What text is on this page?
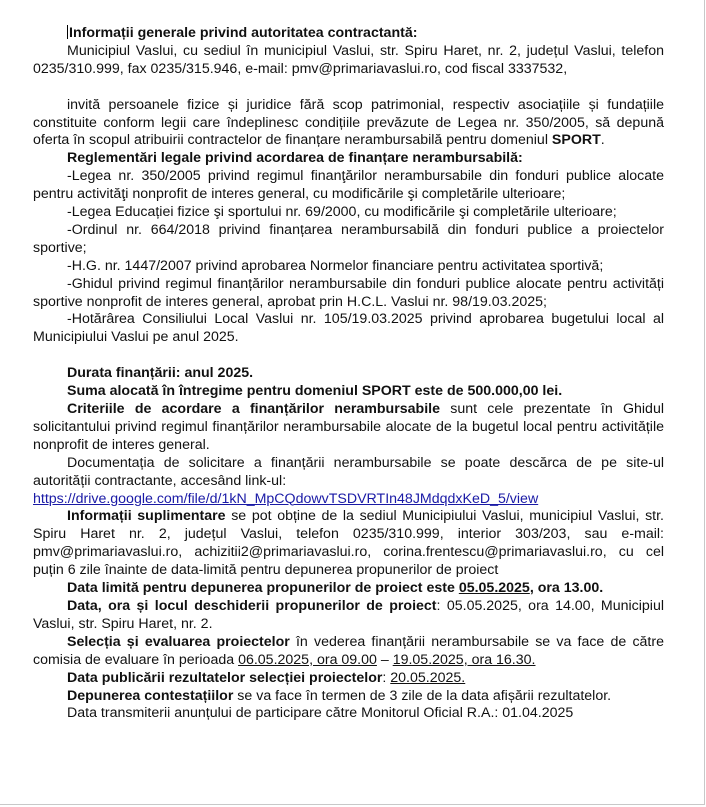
Informații generale privind autoritatea contractantă:

Municipiul Vaslui, cu sediul în municipiul Vaslui, str. Spiru Haret, nr. 2, județul Vaslui, telefon 0235/310.999, fax 0235/315.946, e-mail: pmv@primariavaslui.ro, cod fiscal 3337532,

invită persoanele fizice și juridice fără scop patrimonial, respectiv asociațiile și fundațiile constituite conform legii care îndeplinesc condițiile prevăzute de Legea nr. 350/2005, să depună oferta în scopul atribuirii contractelor de finanțare nerambursabilă pentru domeniul SPORT.

Reglementări legale privind acordarea de finanțare nerambursabilă:

-Legea nr. 350/2005 privind regimul finanţărilor nerambursabile din fonduri publice alocate pentru activităţi nonprofit de interes general, cu modificările şi completările ulterioare;

-Legea Educației fizice şi sportului nr. 69/2000, cu modificările şi completările ulterioare;

-Ordinul nr. 664/2018 privind finanțarea nerambursabilă din fonduri publice a proiectelor sportive;

-H.G. nr. 1447/2007 privind aprobarea Normelor financiare pentru activitatea sportivă;

-Ghidul privind regimul finanțărilor nerambursabile din fonduri publice alocate pentru activități sportive nonprofit de interes general, aprobat prin H.C.L. Vaslui nr. 98/19.03.2025;

-Hotărârea Consiliului Local Vaslui nr. 105/19.03.2025 privind aprobarea bugetului local al Municipiului Vaslui pe anul 2025.

Durata finanțării: anul 2025.

Suma alocată în întregime pentru domeniul SPORT este de 500.000,00 lei.

Criteriile de acordare a finanțărilor nerambursabile sunt cele prezentate în Ghidul solicitantului privind regimul finanțărilor nerambursabile alocate de la bugetul local pentru activitățile nonprofit de interes general.

Documentația de solicitare a finanțării nerambursabile se poate descărca de pe site-ul autorității contractante, accesând link-ul:

https://drive.google.com/file/d/1kN_MpCQdowvTSDVRTIn48JMdqdxKeD_5/view

Informații suplimentare se pot obține de la sediul Municipiului Vaslui, municipiul Vaslui, str. Spiru Haret nr. 2, județul Vaslui, telefon 0235/310.999, interior 303/203, sau e-mail: pmv@primariavaslui.ro, achizitii2@primariavaslui.ro, corina.frentescu@primariavaslui.ro, cu cel puțin 6 zile înainte de data-limită pentru depunerea propunerilor de proiect

Data limită pentru depunerea propunerilor de proiect este 05.05.2025, ora 13.00.

Data, ora și locul deschiderii propunerilor de proiect: 05.05.2025, ora 14.00, Municipiul Vaslui, str. Spiru Haret, nr. 2.

Selecția și evaluarea proiectelor în vederea finanțării nerambursabile se va face de către comisia de evaluare în perioada 06.05.2025, ora 09.00 – 19.05.2025, ora 16.30.

Data publicării rezultatelor selecției proiectelor: 20.05.2025.

Depunerea contestațiilor se va face în termen de 3 zile de la data afișării rezultatelor.

Data transmiterii anunțului de participare către Monitorul Oficial R.A.: 01.04.2025
